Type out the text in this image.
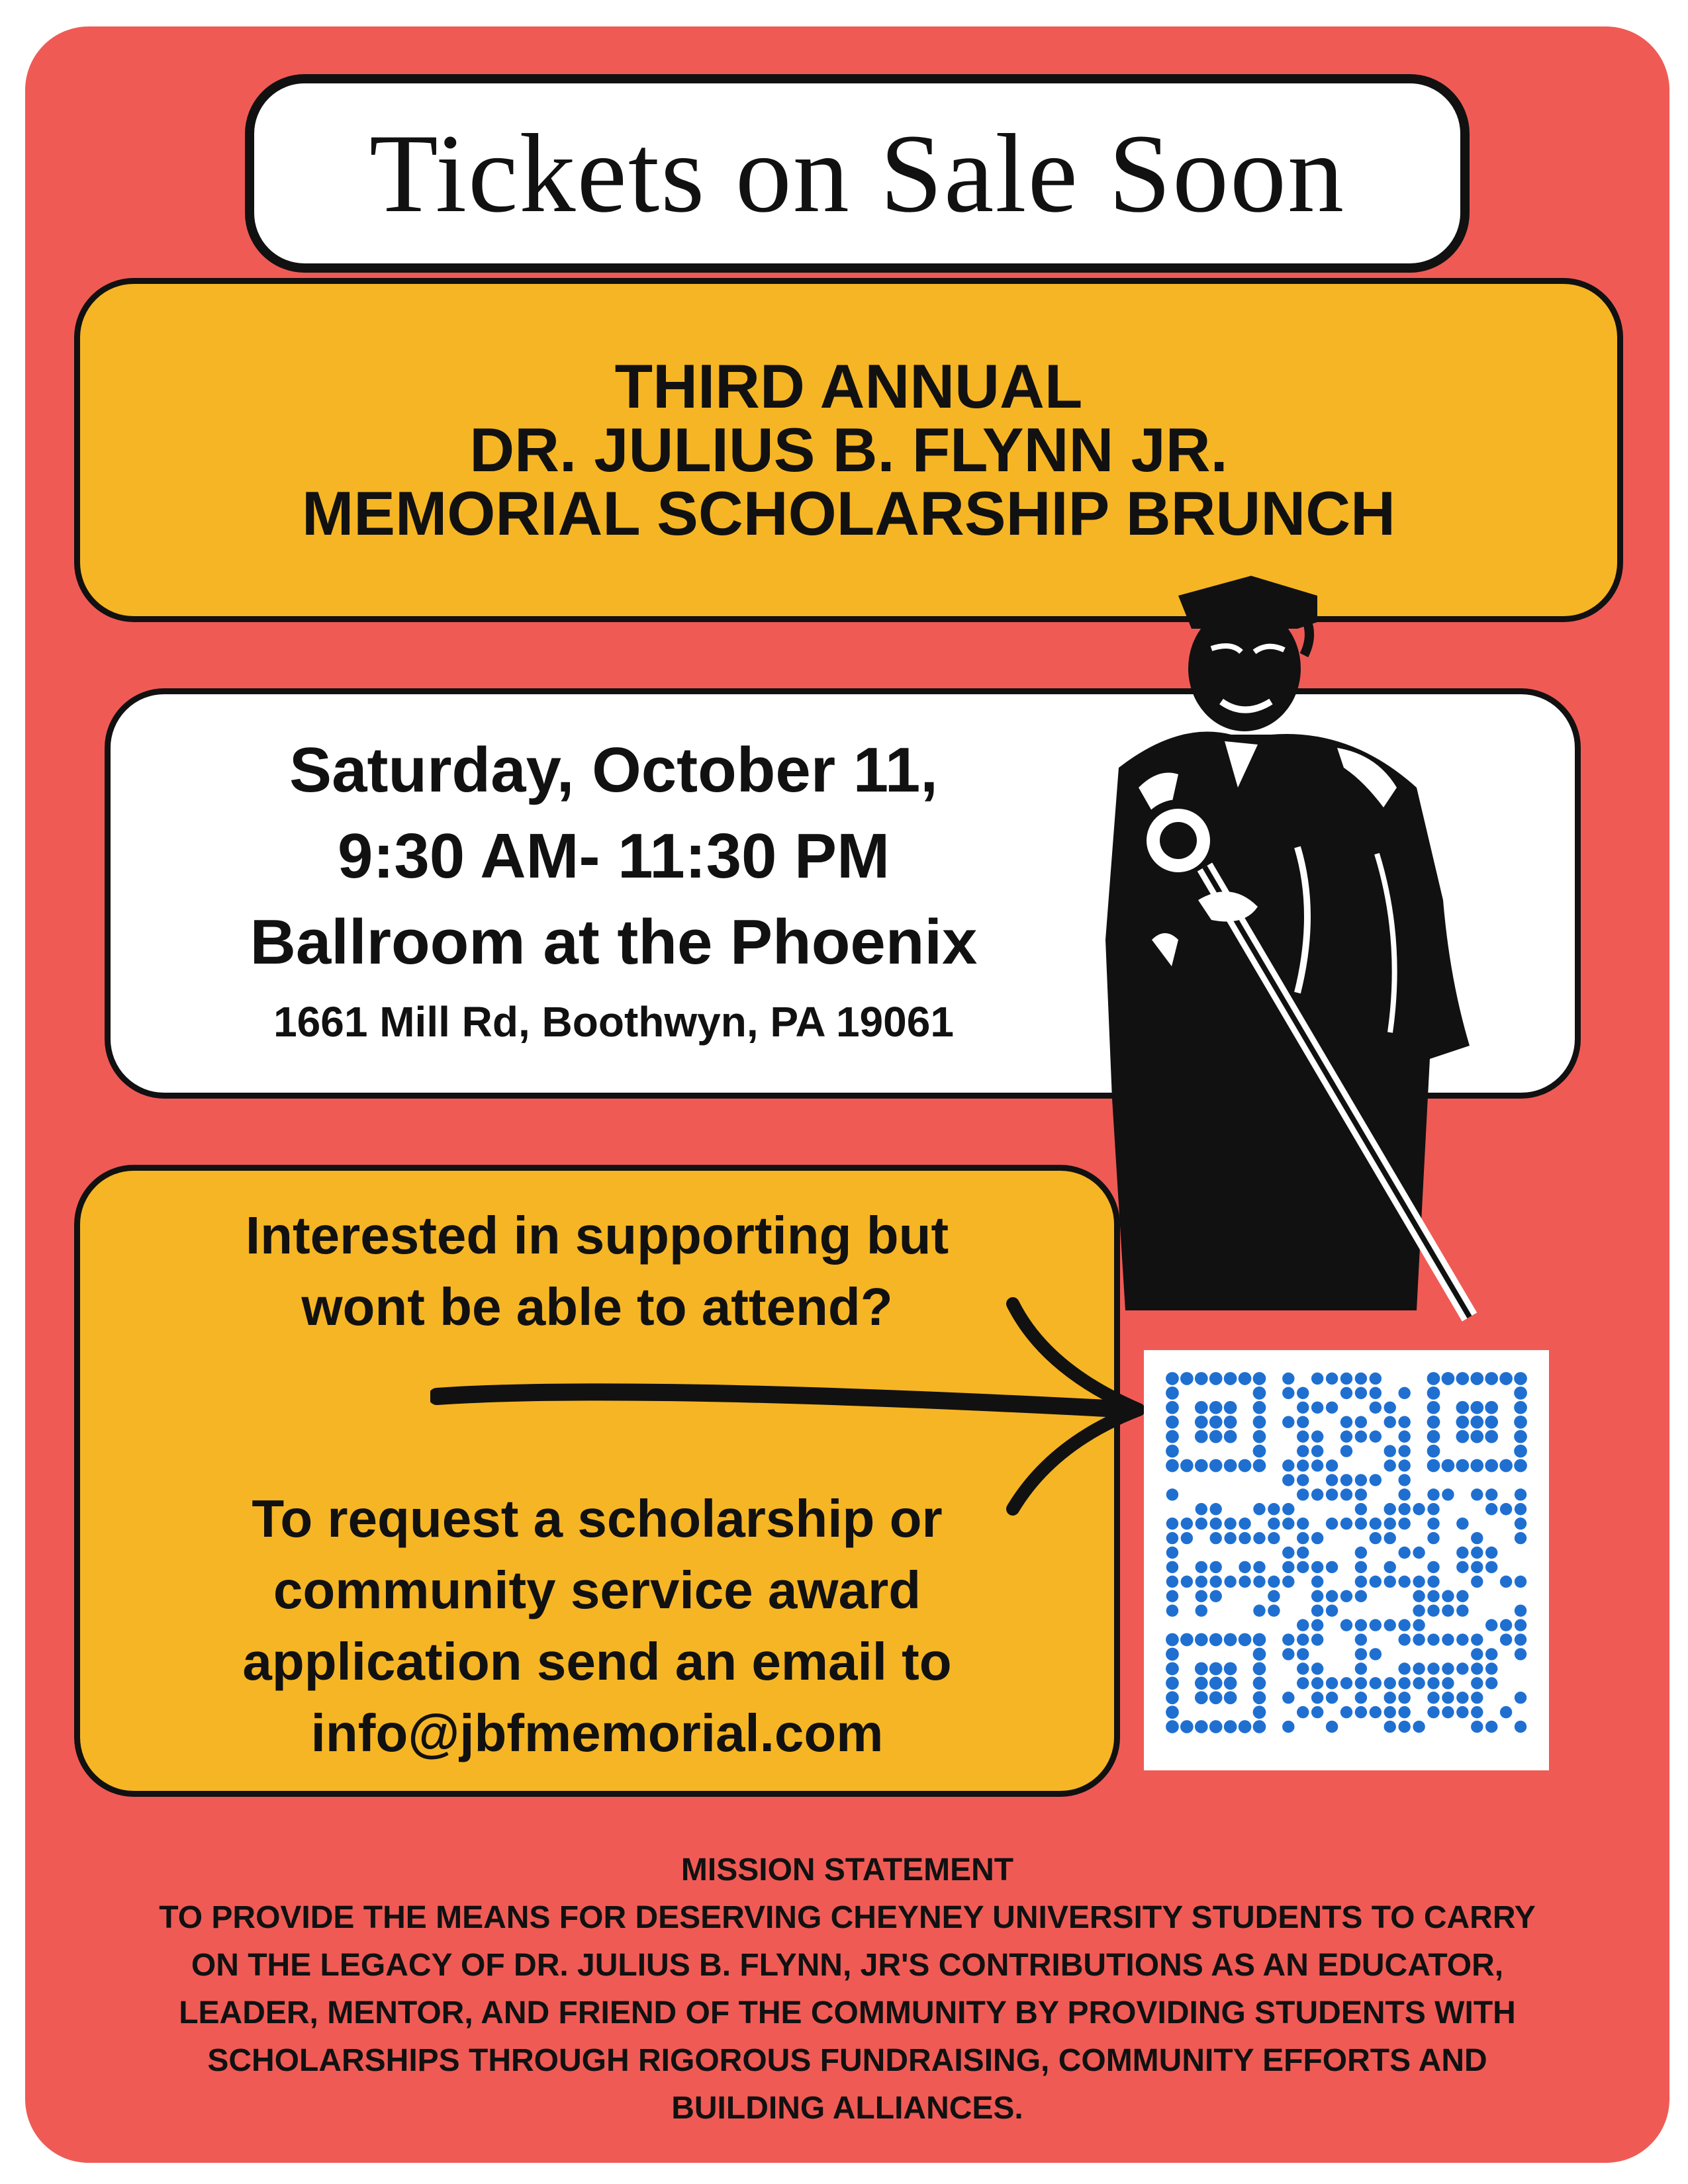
Tickets on Sale Soon
THIRD ANNUAL
DR. JULIUS B. FLYNN JR.
MEMORIAL SCHOLARSHIP BRUNCH
Saturday, October 11,
9:30 AM- 11:30 PM
Ballroom at the Phoenix
1661 Mill Rd, Boothwyn, PA 19061
Interested in supporting but
wont be able to attend?
To request a scholarship or
community service award
application send an email to
info@jbfmemorial.com
MISSION STATEMENT
TO PROVIDE THE MEANS FOR DESERVING CHEYNEY UNIVERSITY STUDENTS TO CARRY
ON THE LEGACY OF DR. JULIUS B. FLYNN, JR'S CONTRIBUTIONS AS AN EDUCATOR,
LEADER, MENTOR, AND FRIEND OF THE COMMUNITY BY PROVIDING STUDENTS WITH
SCHOLARSHIPS THROUGH RIGOROUS FUNDRAISING, COMMUNITY EFFORTS AND
BUILDING ALLIANCES.
